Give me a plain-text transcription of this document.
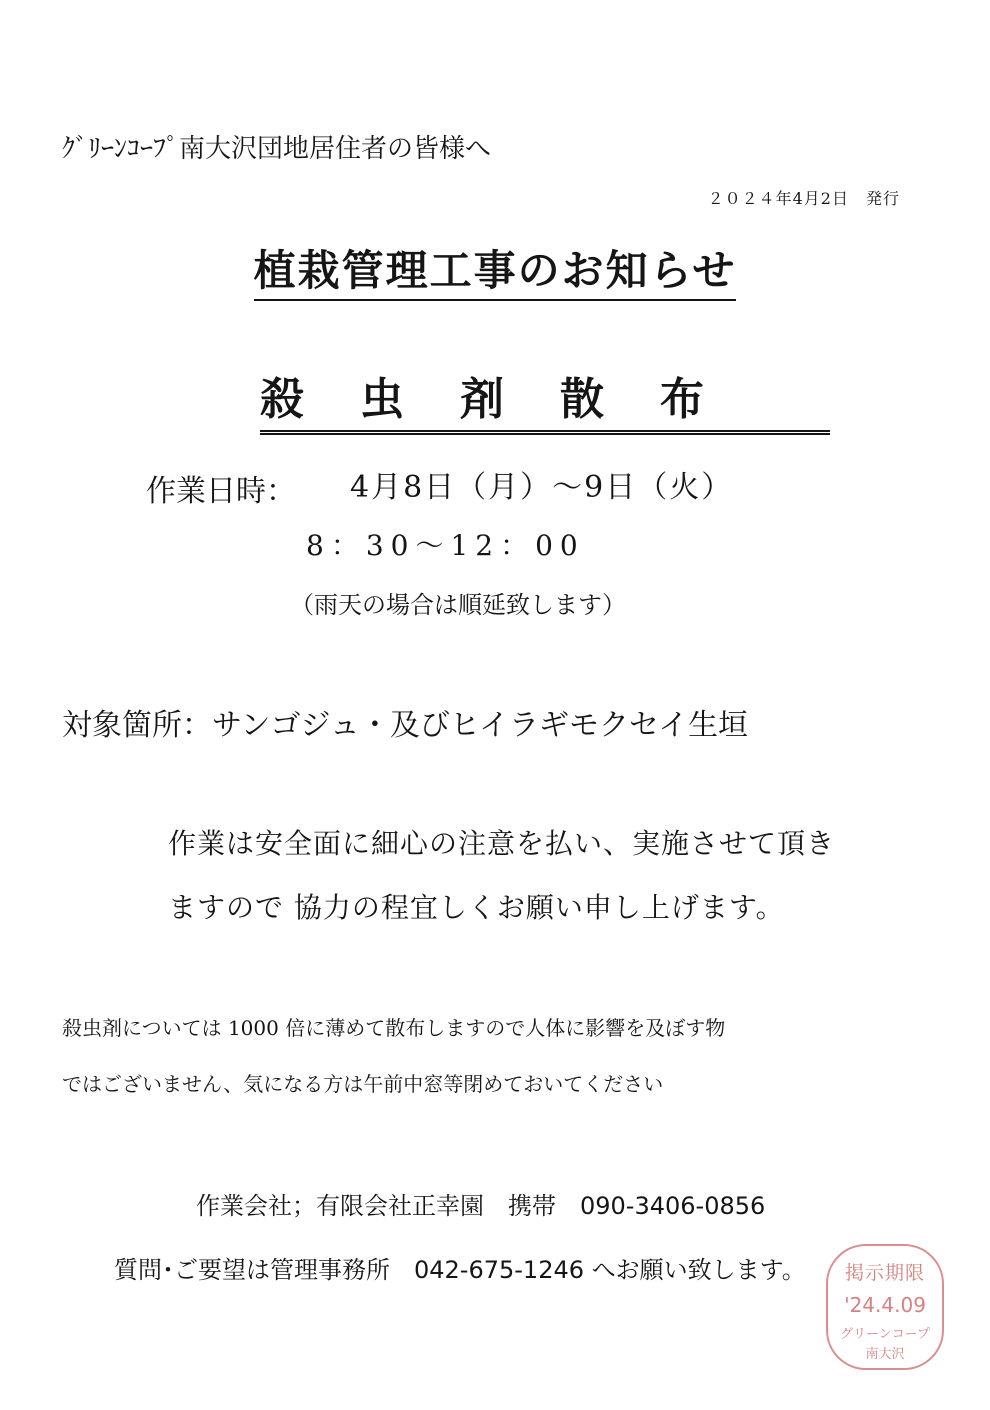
ｸﾞﾘｰﾝｺｰﾌﾟ南大沢団地居住者の皆様へ
２０２４年4月2日　発行
植栽管理工事のお知らせ
殺虫剤散布
作業日時： 4月8日（月）～9日（火）
8：30～12：00
（雨天の場合は順延致します）
対象箇所：サンゴジュ・及びヒイラギモクセイ生垣
作業は安全面に細心の注意を払い、実施させて頂き
ますので 協力の程宜しくお願い申し上げます。
殺虫剤については 1000 倍に薄めて散布しますので人体に影響を及ぼす物
ではございません、気になる方は午前中窓等閉めておいてください
作業会社；有限会社正幸園　携帯　090-3406-0856
質問･ご要望は管理事務所　042-675-1246 へお願い致します。	掲示期限
'24.4.09
グリーンコープ
南大沢
